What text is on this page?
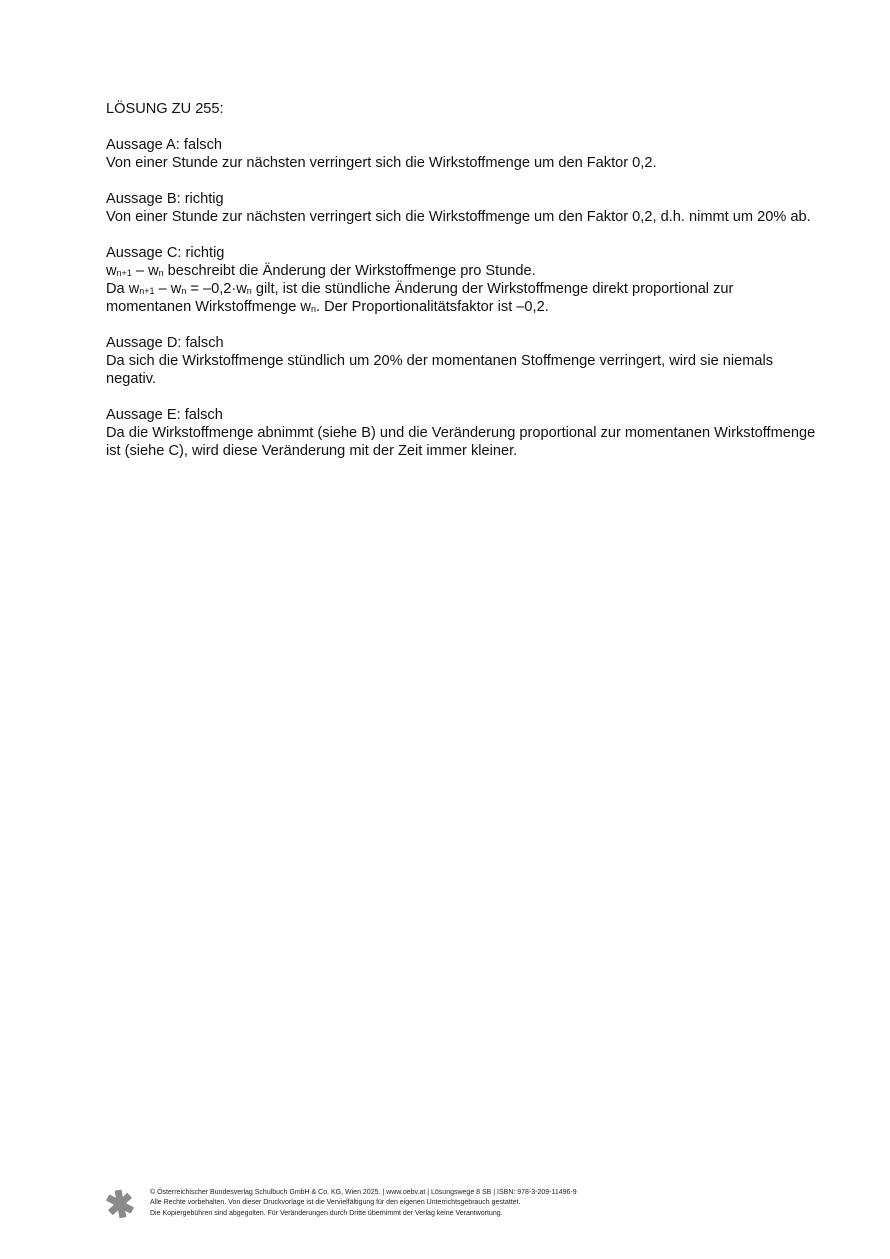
LÖSUNG ZU 255:

Aussage A: falsch

Von einer Stunde zur nächsten verringert sich die Wirkstoffmenge um den Faktor 0,2.

Aussage B: richtig

Von einer Stunde zur nächsten verringert sich die Wirkstoffmenge um den Faktor 0,2, d.h. nimmt um 20% ab.

Aussage C: richtig

$w_{n+1} - w_n$ beschreibt die Änderung der Wirkstoffmenge pro Stunde.

Da $w_{n+1} - w_n = -0,2\cdot w_n$ gilt, ist die stündliche Änderung der Wirkstoffmenge direkt proportional zur momentanen Wirkstoffmenge $w_n$. Der Proportionalitätsfaktor ist –0,2.

Aussage D: falsch

Da sich die Wirkstoffmenge stündlich um 20% der momentanen Stoffmenge verringert, wird sie niemals negativ.

Aussage E: falsch

Da die Wirkstoffmenge abnimmt (siehe B) und die Veränderung proportional zur momentanen Wirkstoffmenge ist (siehe C), wird diese Veränderung mit der Zeit immer kleiner.

© Österreichischer Bundesverlag Schulbuch GmbH & Co. KG, Wien 2025. | www.oebv.at | Lösungswege 8 SB | ISBN: 978-3-209-11496-9
Alle Rechte vorbehalten. Von dieser Druckvorlage ist die Vervielfältigung für den eigenen Unterrichtsgebrauch gestattet.
Die Kopiergebühren sind abgegolten. Für Veränderungen durch Dritte übernimmt der Verlag keine Verantwortung.
